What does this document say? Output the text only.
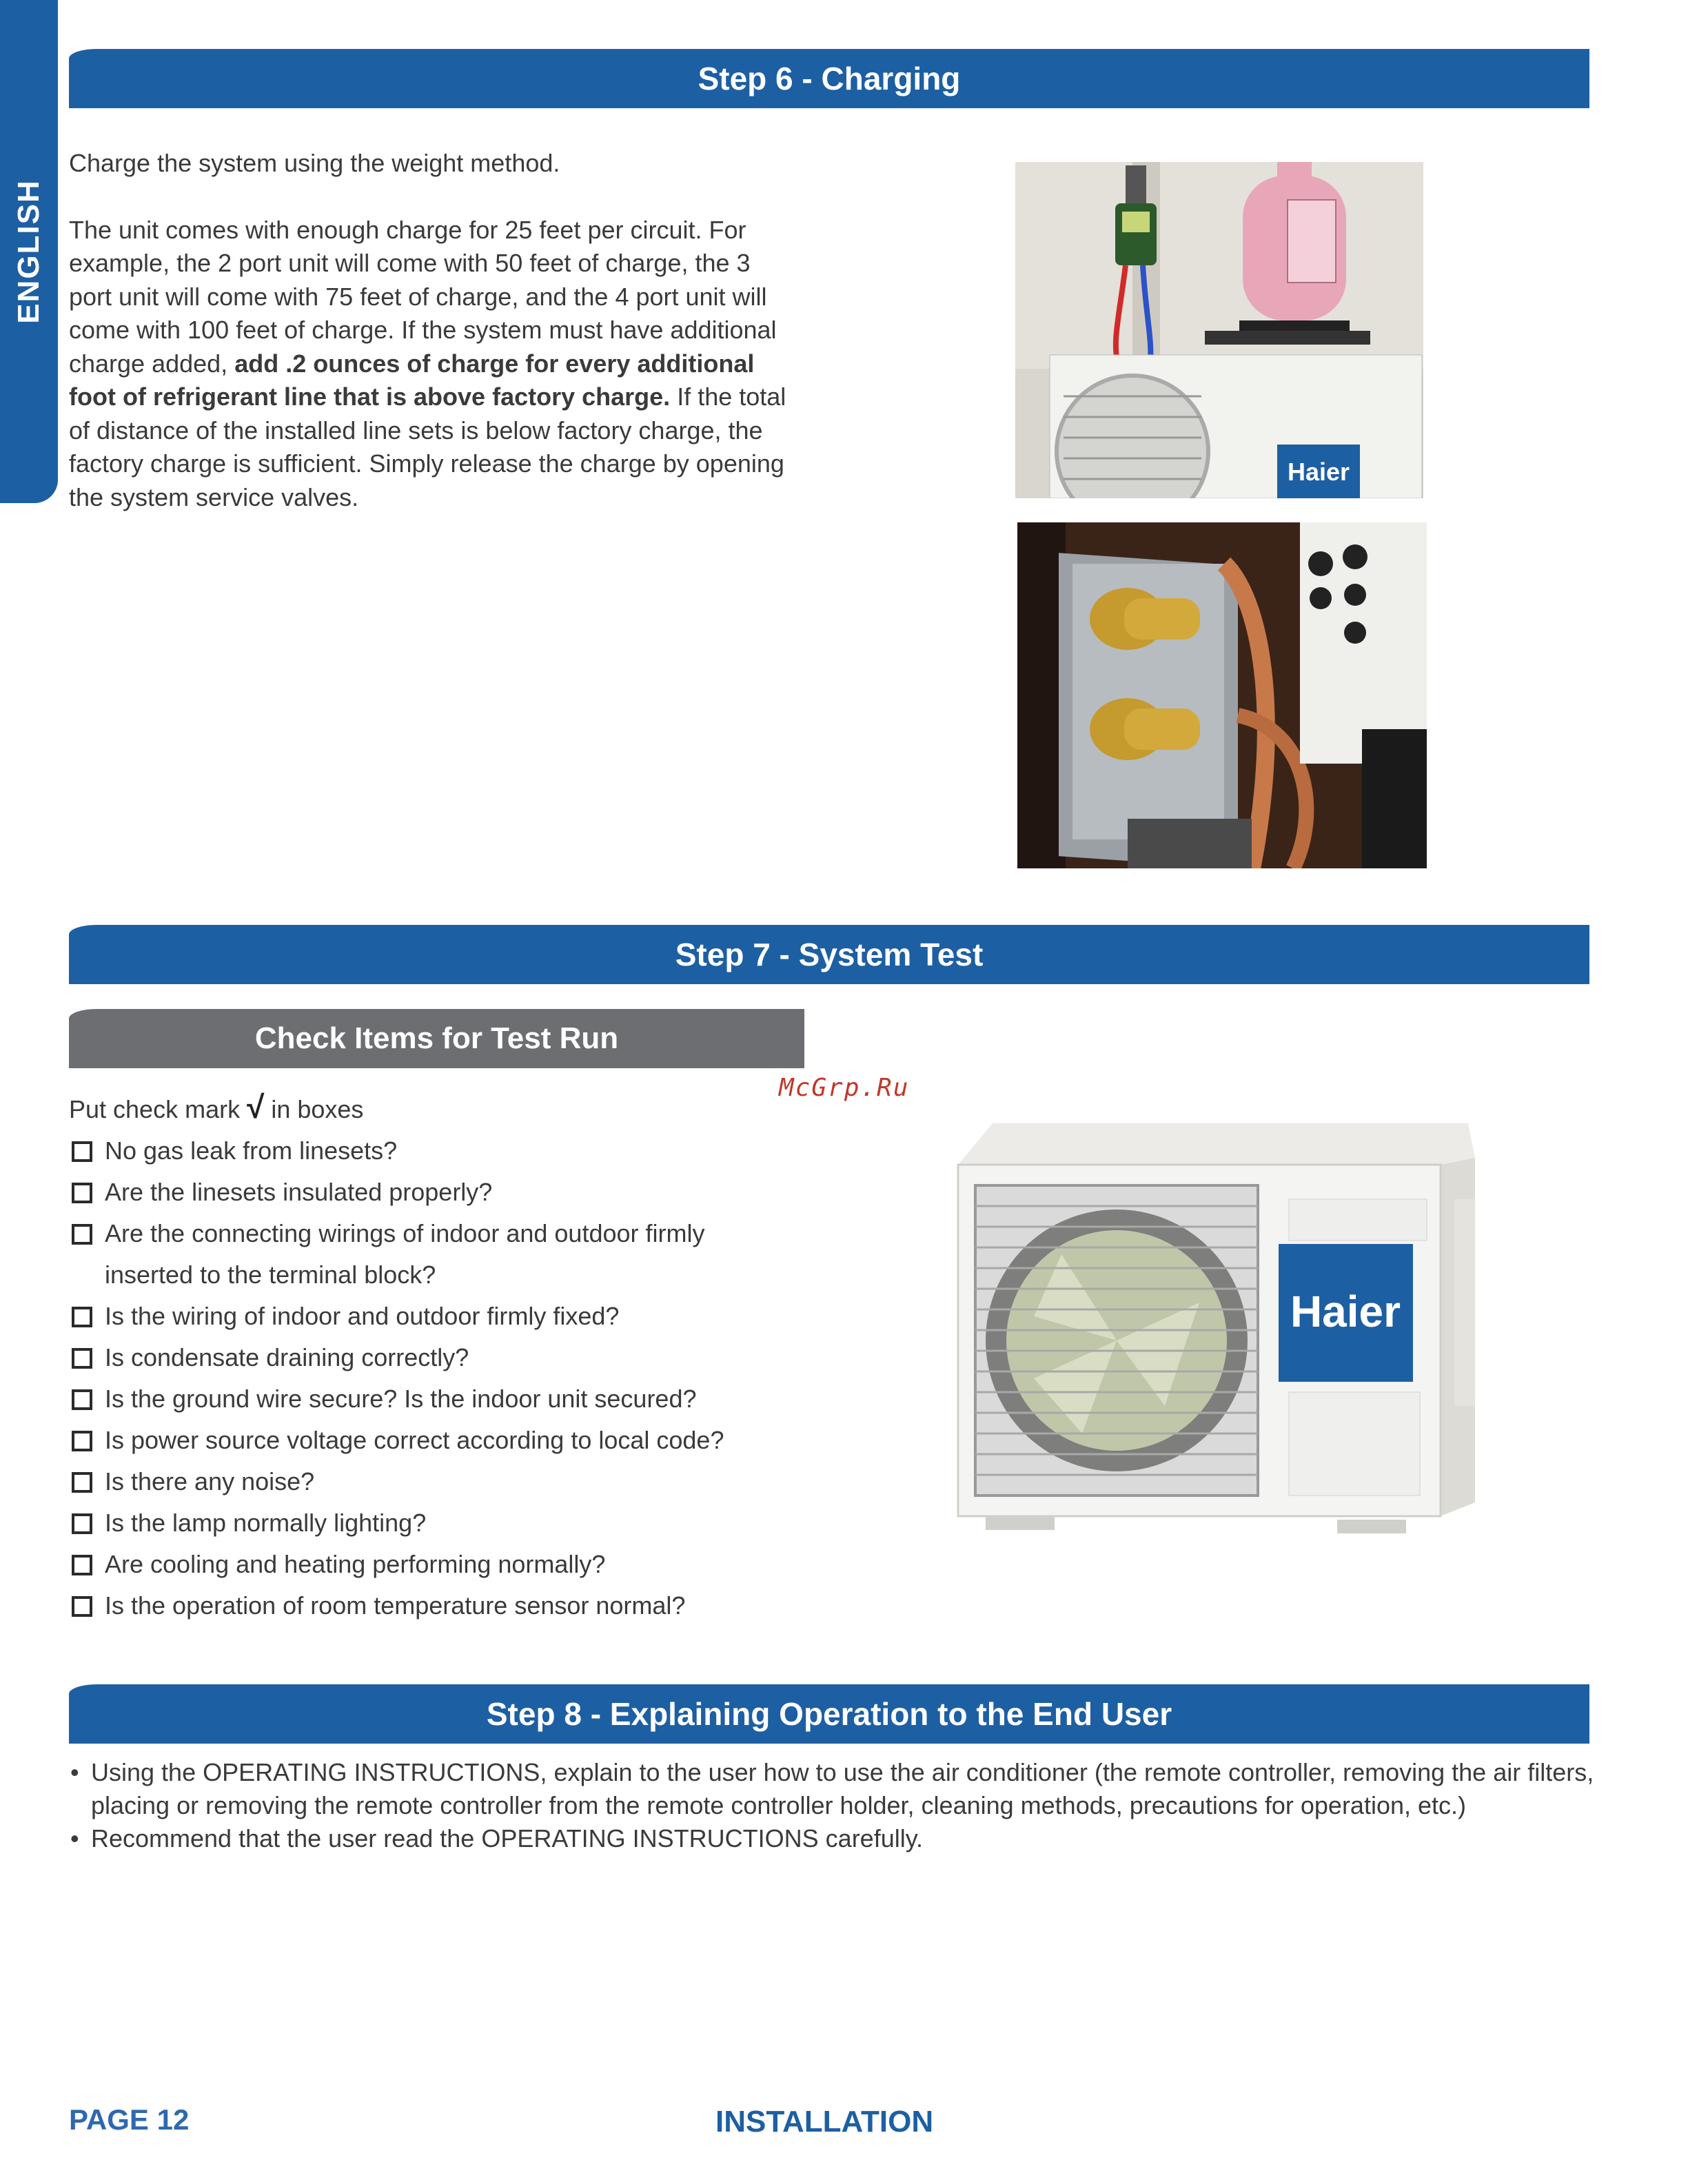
ENGLISH
Step 6 - Charging

Charge the system using the weight method.

The unit comes with enough charge for 25 feet per circuit. For example, the 2 port unit will come with 50 feet of charge, the 3 port unit will come with 75 feet of charge, and the 4 port unit will come with 100 feet of charge. If the system must have additional charge added, add .2 ounces of charge for every additional foot of refrigerant line that is above factory charge. If the total of distance of the installed line sets is below factory charge, the factory charge is sufficient. Simply release the charge by opening the system service valves.

Haier
Step 7 - System Test
Check Items for Test Run
McGrp.Ru
Put check mark √ in boxes
No gas leak from linesets?
Are the linesets insulated properly?
Are the connecting wirings of indoor and outdoor firmly inserted to the terminal block?
Is the wiring of indoor and outdoor firmly fixed?
Is condensate draining correctly?
Is the ground wire secure? Is the indoor unit secured?
Is power source voltage correct according to local code?
Is there any noise?
Is the lamp normally lighting?
Are cooling and heating performing normally?
Is the operation of room temperature sensor normal?
Haier
Step 8 - Explaining Operation to the End User
• Using the OPERATING INSTRUCTIONS, explain to the user how to use the air conditioner (the remote controller, removing the air filters, placing or removing the remote controller from the remote controller holder, cleaning methods, precautions for operation, etc.)
• Recommend that the user read the OPERATING INSTRUCTIONS carefully.
PAGE 12	INSTALLATION
